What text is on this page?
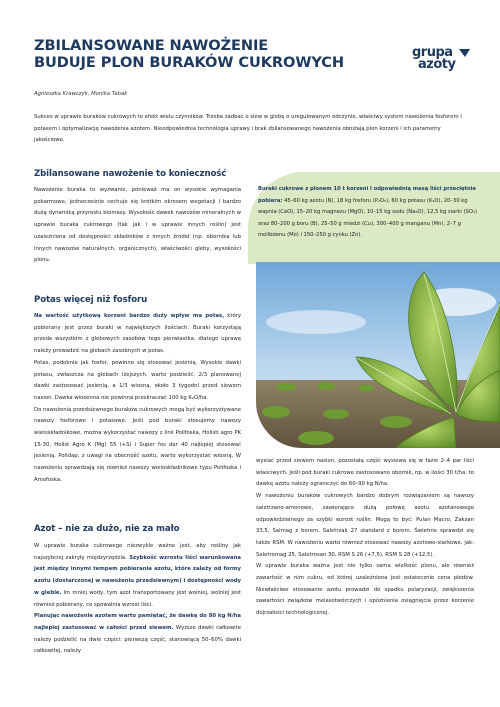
ZBILANSOWANE NAWOŻENIE
BUDUJE PLON BURAKÓW CUKROWYCH
grupa
azoty
Agnieszka Krawczyk, Monika Tabak
Sukces w uprawie buraków cukrowych to efekt wielu czynników. Trzeba zadbać o siew w glebę o uregulowanym odczynie, właściwy system nawożenia fosforem i potasem i optymalizację nawożenia azotem. Nieodpowiednia technologia uprawy i brak zbilansowanego nawożenia obniżają plon korzeni i ich parametry jakościowe.
Zbilansowane nawożenie to konieczność

Nawożenie buraka to wyzwanie, ponieważ ma on wysokie wymagania pokarmowe, jednocześnie cechuje się krótkim okresem wegetacji i bardzo dużą dynamiką przyrostu biomasy. Wysokość dawek nawozów mineralnych w uprawie buraka cukrowego (tak jak i w uprawie innych roślin) jest uzależniona od dostępności składników z innych źródeł (np. obornika lub innych nawozów naturalnych, organicznych), właściwości gleby, wysokości plonu.

Potas więcej niż fosforu

Na wartość użytkową korzeni bardzo duży wpływ ma potas, który pobierany jest przez buraki w największych ilościach. Buraki korzystają przede wszystkim z glebowych zasobów tego pierwiastka, dlatego uprawę należy prowadzić na glebach zasobnych w potas.

Potas, podobnie jak fosfor, powinno się stosować jesienią. Wysokie dawki potasu, zwłaszcza na glebach lżejszych, warto podzielić: 2/3 planowanej dawki zastosować jesienią, a 1/3 wiosną, około 3 tygodni przed siewem nasion. Dawka wiosenna nie powinna przekraczać 100 kg K₂O/ha.

Do nawożenia przedsiewnego buraków cukrowych mogą być wykorzystywane nawozy fosforowe i potasowe. Jeśli pod buraki stosujemy nawozy wieloskładnikowe, można wykorzystać nawozy z linii Polifoska, Holisti agro PK 15-30, Holist Agro K (Mg) 55 (+S) i Super fos dar 40 najlepiej stosować jesienią. Polidap, z uwagi na obecność azotu, warto wykorzystać wiosną. W nawożeniu sprawdzają się również nawozy wieloskładnikowe typu Polifoska i Amofoska.

Azot – nie za dużo, nie za mało

W uprawie buraka cukrowego niezwykle ważne jest, aby rośliny jak najszybciej zakryły międzyrzędzia. Szybkość wzrostu liści warunkowana jest między innymi tempem pobierania azotu, które zależy od formy azotu (dostarczonej w nawożeniu przedsiewnym) i dostępności wody w glebie. Im mniej wody, tym azot transportowany jest wolniej, wolniej jest również pobierany, co spowalnia wzrost liści.

Planując nawożenie azotem warto pamiętać, że dawkę do 80 kg N/ha najlepiej zastosować w całości przed siewem. Wyższe dawki całkowite należy podzielić na dwie części: pierwszą część, stanowiącą 50–60% dawki całkowitej, należy

Buraki cukrowe z plonem 10 t korzeni i odpowiednią masą liści przeciętnie pobiera: 45–60 kg azotu (N), 18 kg fosforu (P₂O₅), 60 kg potasu (K₂O), 20–30 kg wapnia (CaO), 15–20 kg magnezu (MgO), 10–15 kg sodu (Na₂O), 12,5 kg siarki (SO₃) oraz 80–200 g boru (B), 25–50 g miedzi (Cu), 300–400 g manganu (Mn), 2–7 g molibdenu (Mo) i 150–250 g cynku (Zn).

wysiać przed siewem nasion, pozostałą część wysiewa się w fazie 2–4 par liści właściwych. Jeśli pod buraki cukrowe zastosowano obornik, np. w ilości 30 t/ha, to dawkę azotu należy ograniczyć do 60–90 kg N/ha.

W nawożeniu buraków cukrowych bardzo dobrym rozwiązaniem są nawozy saletrzano-amonowe, zawierające dużą połowę azotu azotanowego odpowiedzialnego za szybki wzrost roślin. Mogą to być: Pulan Macro, Zaksan 33,5, Salmag z borem, Saletrzak 27 standard z borem. Świetnie sprawdzi się także RSM. W nawożeniu warto również stosować nawozy azotowo-siarkowe, jak: Saletromag 25, Saletrosan 30, RSM S 26 (+7,5), RSM S 28 (+12,5).

W uprawie buraka ważna jest nie tylko sama wielkość plonu, ale również zawartość w nim cukru, od której uzależniona jest ostatecznie cena płodów. Niewłaściwe stosowanie azotu prowadzi do spadku polaryzacji, zwiększenia zawartości związków melasotwórczych i opóźnienia osiągnięcia przez korzenie dojrzałości technologicznej.
